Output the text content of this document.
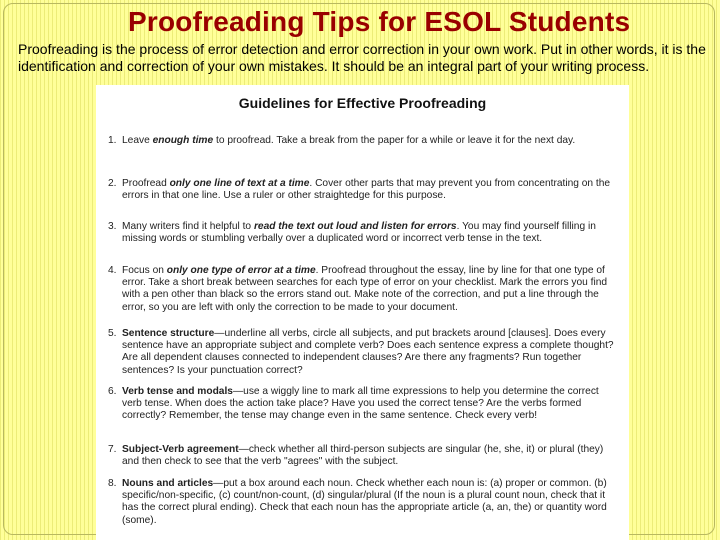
Proofreading Tips for ESOL Students
Proofreading is the process of error detection and error correction in your own work. Put in other words, it is the identification and correction of your own mistakes. It should be an integral part of your writing process.
Guidelines for Effective Proofreading
1. Leave enough time to proofread. Take a break from the paper for a while or leave it for the next day.
2. Proofread only one line of text at a time. Cover other parts that may prevent you from concentrating on the errors in that one line. Use a ruler or other straightedge for this purpose.
3. Many writers find it helpful to read the text out loud and listen for errors. You may find yourself filling in missing words or stumbling verbally over a duplicated word or incorrect verb tense in the text.
4. Focus on only one type of error at a time. Proofread throughout the essay, line by line for that one type of error. Take a short break between searches for each type of error on your checklist. Mark the errors you find with a pen other than black so the errors stand out. Make note of the correction, and put a line through the error, so you are left with only the correction to be made to your document.
5. Sentence structure—underline all verbs, circle all subjects, and put brackets around [clauses]. Does every sentence have an appropriate subject and complete verb? Does each sentence express a complete thought? Are all dependent clauses connected to independent clauses? Are there any fragments? Run together sentences? Is your punctuation correct?
6. Verb tense and modals—use a wiggly line to mark all time expressions to help you determine the correct verb tense. When does the action take place? Have you used the correct tense? Are the verbs formed correctly? Remember, the tense may change even in the same sentence. Check every verb!
7. Subject-Verb agreement—check whether all third-person subjects are singular (he, she, it) or plural (they) and then check to see that the verb "agrees" with the subject.
8. Nouns and articles—put a box around each noun. Check whether each noun is: (a) proper or common. (b) specific/non-specific, (c) count/non-count, (d) singular/plural (If the noun is a plural count noun, check that it has the correct plural ending). Check that each noun has the appropriate article (a, an, the) or quantity word (some).
